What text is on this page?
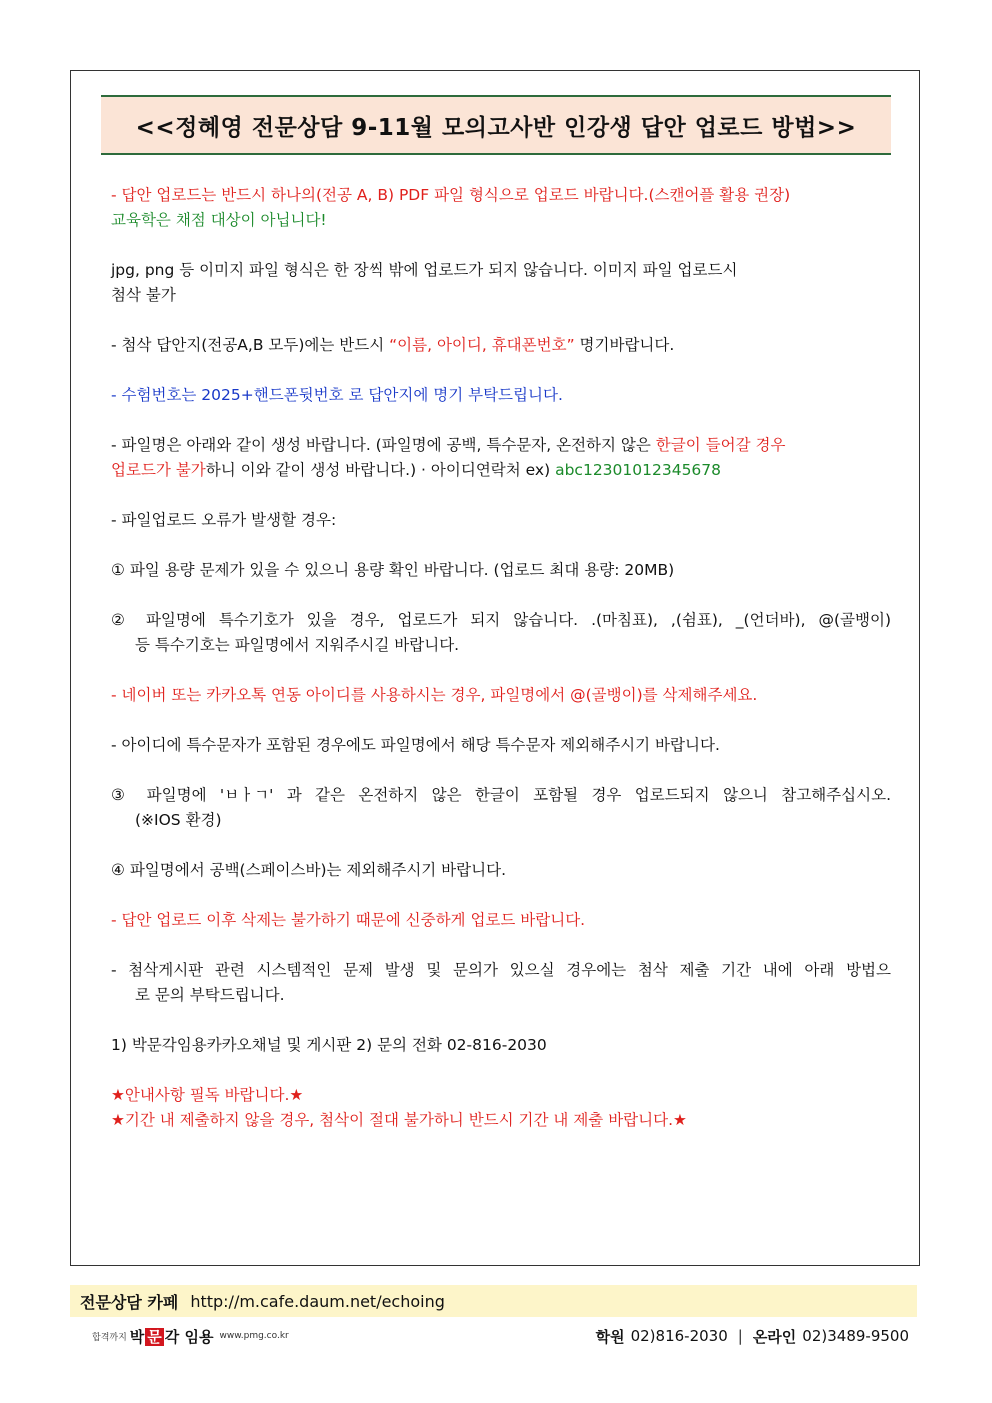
<<정혜영 전문상담 9-11월 모의고사반 인강생 답안 업로드 방법>>

- 답안 업로드는 반드시 하나의(전공 A, B) PDF 파일 형식으로 업로드 바랍니다.(스캔어플 활용 권장)

교육학은 채점 대상이 아닙니다!

jpg, png 등 이미지 파일 형식은 한 장씩 밖에 업로드가 되지 않습니다. 이미지 파일 업로드시

첨삭 불가

- 첨삭 답안지(전공A,B 모두)에는 반드시 “이름, 아이디, 휴대폰번호” 명기바랍니다.

- 수험번호는 2025+핸드폰뒷번호 로 답안지에 명기 부탁드립니다.

- 파일명은 아래와 같이 생성 바랍니다. (파일명에 공백, 특수문자, 온전하지 않은 한글이 들어갈 경우

업로드가 불가하니 이와 같이 생성 바랍니다.) · 아이디연락처 ex) abc12301012345678

- 파일업로드 오류가 발생할 경우:

① 파일 용량 문제가 있을 수 있으니 용량 확인 바랍니다. (업로드 최대 용량: 20MB)

② 파일명에 특수기호가 있을 경우, 업로드가 되지 않습니다. .(마침표), ,(쉼표), _(언더바), @(골뱅이)

등 특수기호는 파일명에서 지워주시길 바랍니다.

- 네이버 또는 카카오톡 연동 아이디를 사용하시는 경우, 파일명에서 @(골뱅이)를 삭제해주세요.

- 아이디에 특수문자가 포함된 경우에도 파일명에서 해당 특수문자 제외해주시기 바랍니다.

③ 파일명에 'ㅂㅏㄱ' 과 같은 온전하지 않은 한글이 포함될 경우 업로드되지 않으니 참고해주십시오.

(※IOS 환경)

④ 파일명에서 공백(스페이스바)는 제외해주시기 바랍니다.

- 답안 업로드 이후 삭제는 불가하기 때문에 신중하게 업로드 바랍니다.

- 첨삭게시판 관련 시스템적인 문제 발생 및 문의가 있으실 경우에는 첨삭 제출 기간 내에 아래 방법으

로 문의 부탁드립니다.

1) 박문각임용카카오채널 및 게시판 2) 문의 전화 02-816-2030

★안내사항 필독 바랍니다.★

★기간 내 제출하지 않을 경우, 첨삭이 절대 불가하니 반드시 기간 내 제출 바랍니다.★

전문상담 카페 http://m.cafe.daum.net/echoing
합격까지 박 문 각 임용 www.pmg.co.kr	학원 02)816-2030 | 온라인 02)3489-9500
